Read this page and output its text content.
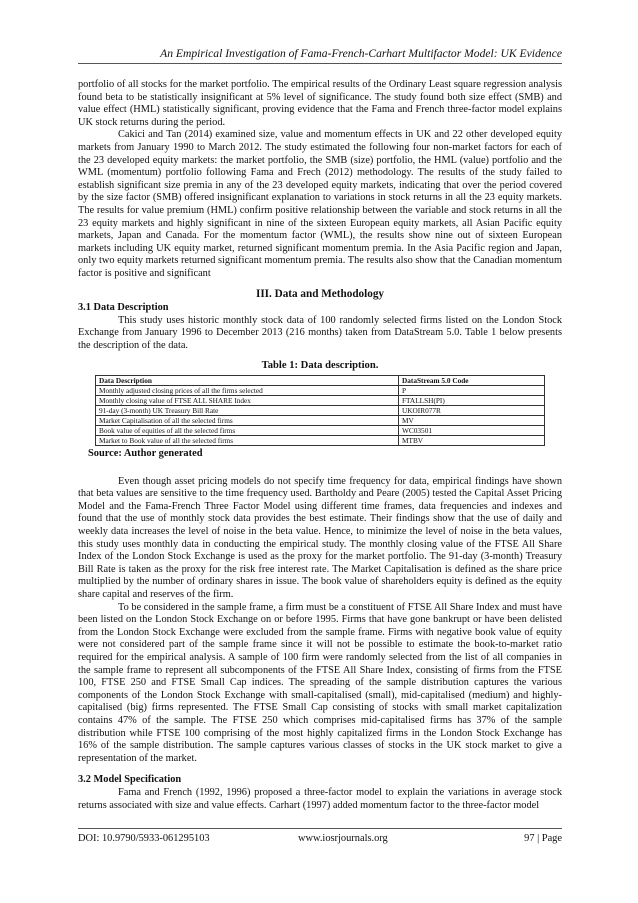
An Empirical Investigation of Fama-French-Carhart Multifactor Model: UK Evidence

portfolio of all stocks for the market portfolio. The empirical results of the Ordinary Least square regression analysis found beta to be statistically insignificant at 5% level of significance. The study found both size effect (SMB) and value effect (HML) statistically significant, proving evidence that the Fama and French three-factor model explains UK stock returns during the period.

Cakici and Tan (2014) examined size, value and momentum effects in UK and 22 other developed equity markets from January 1990 to March 2012. The study estimated the following four non-market factors for each of the 23 developed equity markets: the market portfolio, the SMB (size) portfolio, the HML (value) portfolio and the WML (momentum) portfolio following Fama and Frech (2012) methodology. The results of the study failed to establish significant size premia in any of the 23 developed equity markets, indicating that over the period covered by the size factor (SMB) offered insignificant explanation to variations in stock returns in all the 23 equity markets. The results for value premium (HML) confirm positive relationship between the variable and stock returns in all the 23 equity markets and highly significant in nine of the sixteen European equity markets, all Asian Pacific equity markets, Japan and Canada. For the momentum factor (WML), the results show nine out of sixteen European markets including UK equity market, returned significant momentum premia. In the Asia Pacific region and Japan, only two equity markets returned significant momentum premia. The results also show that the Canadian momentum factor is positive and significant

III. Data and Methodology

3.1 Data Description

This study uses historic monthly stock data of 100 randomly selected firms listed on the London Stock Exchange from January 1996 to December 2013 (216 months) taken from DataStream 5.0. Table 1 below presents the description of the data.

Table 1: Data description.
Data Description	DataStream 5.0 Code
Monthly adjusted closing prices of all the firms selected	P
Monthly closing value of FTSE ALL SHARE Index	FTALLSH(PI)
91-day (3-month) UK Treasury Bill Rate	UKOIR077R
Market Capitalisation of all the selected firms	MV
Book value of equities of all the selected firms	WC03501
Market to Book value of all the selected firms	MTBV
Source: Author generated

Even though asset pricing models do not specify time frequency for data, empirical findings have shown that beta values are sensitive to the time frequency used. Bartholdy and Peare (2005) tested the Capital Asset Pricing Model and the Fama-French Three Factor Model using different time frames, data frequencies and indexes and found that the use of monthly stock data provides the best estimate. Their findings show that the use of daily and weekly data increases the level of noise in the beta value. Hence, to minimize the level of noise in the beta values, this study uses monthly data in conducting the empirical study. The monthly closing value of the FTSE All Share Index of the London Stock Exchange is used as the proxy for the market portfolio. The 91-day (3-month) Treasury Bill Rate is taken as the proxy for the risk free interest rate. The Market Capitalisation is defined as the share price multiplied by the number of ordinary shares in issue. The book value of shareholders equity is defined as the equity share capital and reserves of the firm.

To be considered in the sample frame, a firm must be a constituent of FTSE All Share Index and must have been listed on the London Stock Exchange on or before 1995. Firms that have gone bankrupt or have been delisted from the London Stock Exchange were excluded from the sample frame. Firms with negative book value of equity were not considered part of the sample frame since it will not be possible to estimate the book-to-market ratio required for the empirical analysis. A sample of 100 firm were randomly selected from the list of all companies in the sample frame to represent all subcomponents of the FTSE All Share Index, consisting of firms from the FTSE 100, FTSE 250 and FTSE Small Cap indices. The spreading of the sample distribution captures the various components of the London Stock Exchange with small-capitalised (small), mid-capitalised (medium) and highly-capitalised (big) firms represented. The FTSE Small Cap consisting of stocks with small market capitalization contains 47% of the sample. The FTSE 250 which comprises mid-capitalised firms has 37% of the sample distribution while FTSE 100 comprising of the most highly capitalized firms in the London Stock Exchange has 16% of the sample distribution. The sample captures various classes of stocks in the UK stock market to give a representation of the market.

3.2 Model Specification

Fama and French (1992, 1996) proposed a three-factor model to explain the variations in average stock returns associated with size and value effects. Carhart (1997) added momentum factor to the three-factor model

DOI: 10.9790/5933-061295103	www.iosrjournals.org	97 | Page
